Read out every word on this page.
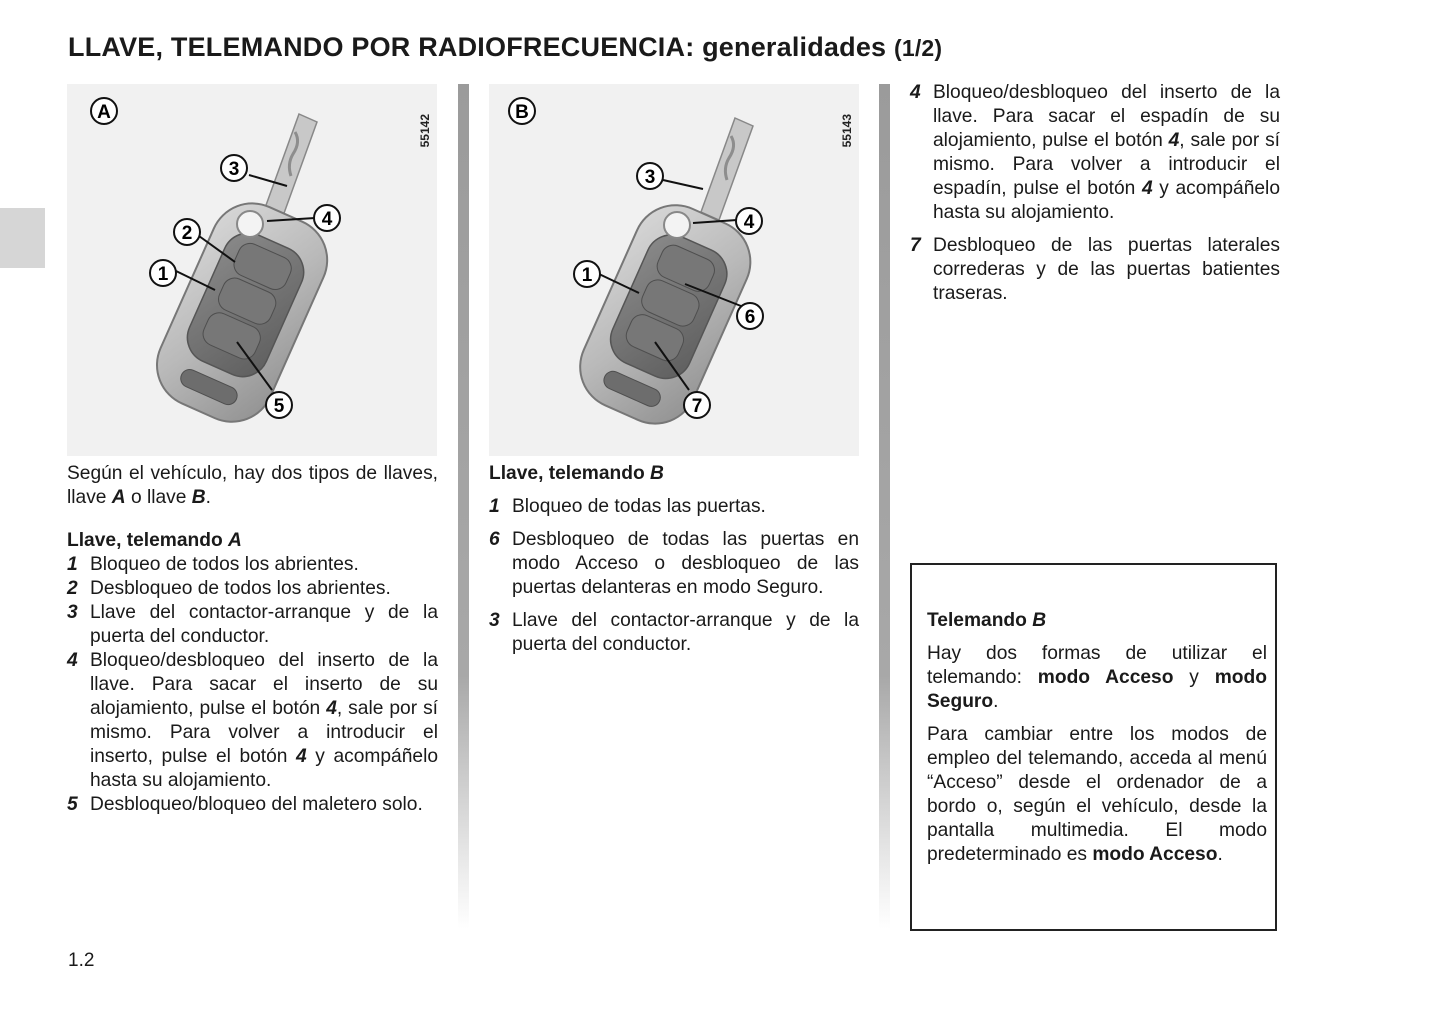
LLAVE, TELEMANDO POR RADIOFRECUENCIA: generalidades (1/2)
A
3
2
1
4
5
55142
B
3
1
4
6
7
55143

Según el vehículo, hay dos tipos de llaves, llave A o llave B.

Llave, telemando A

1 Bloqueo de todos los abrientes.
2 Desbloqueo de todos los abrientes.
3 Llave del contactor-arranque y de la puerta del conductor.
4 Bloqueo/desbloqueo del inserto de la llave. Para sacar el inserto de su alojamiento, pulse el botón 4, sale por sí mismo. Para volver a introducir el inserto, pulse el botón 4 y acompáñelo hasta su alojamiento.
5 Desbloqueo/bloqueo del maletero solo.

Llave, telemando B

1 Bloqueo de todas las puertas.
6 Desbloqueo de todas las puertas en modo Acceso o desbloqueo de las puertas delanteras en modo Seguro.
3 Llave del contactor-arranque y de la puerta del conductor.
4 Bloqueo/desbloqueo del inserto de la llave. Para sacar el espadín de su alojamiento, pulse el botón 4, sale por sí mismo. Para volver a introducir el espadín, pulse el botón 4 y acompáñelo hasta su alojamiento.
7 Desbloqueo de las puertas laterales correderas y de las puertas batientes traseras.

Telemando B

Hay dos formas de utilizar el telemando: modo Acceso y modo Seguro.

Para cambiar entre los modos de empleo del telemando, acceda al menú “Acceso” desde el ordenador de a bordo o, según el vehículo, desde la pantalla multimedia. El modo predeterminado es modo Acceso.

1.2
